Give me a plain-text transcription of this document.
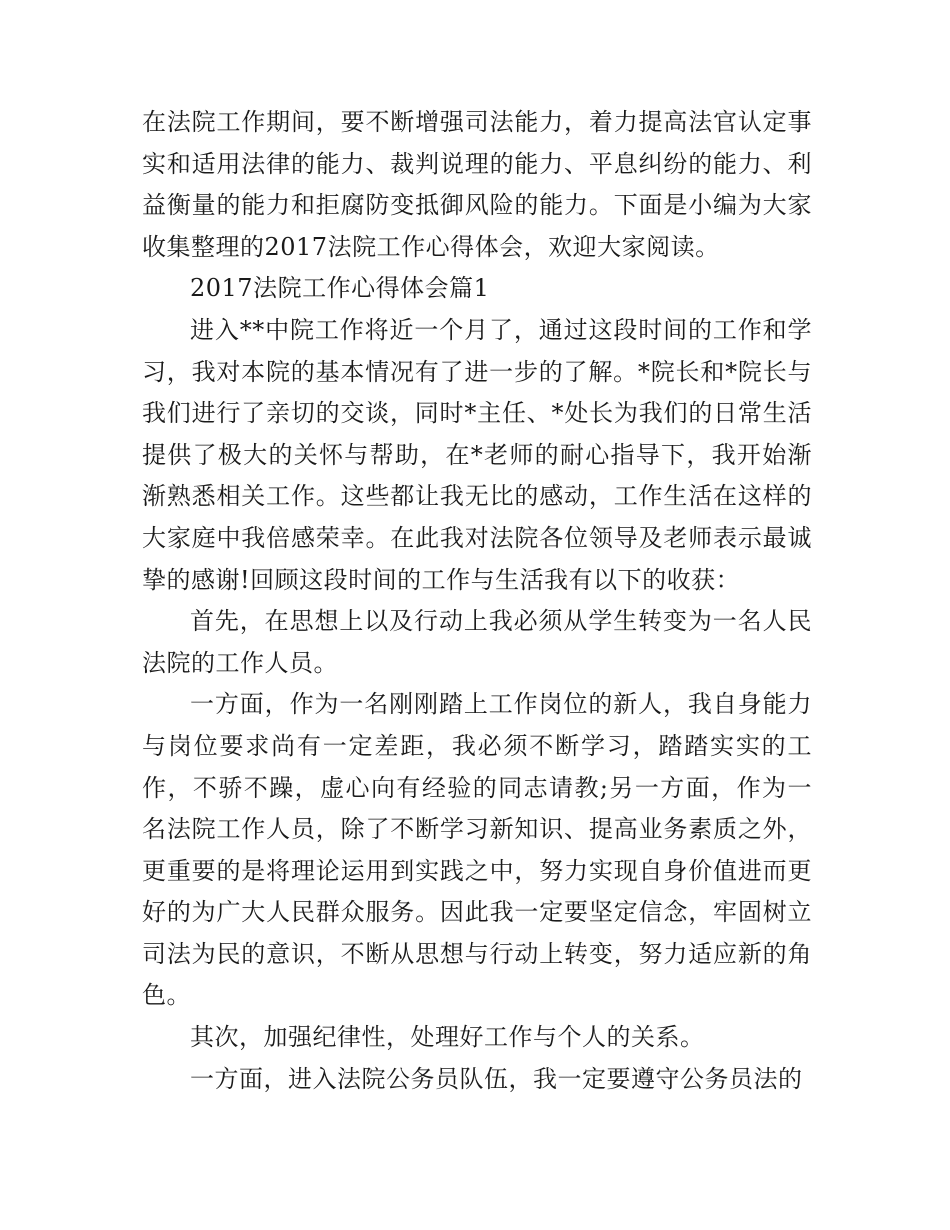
在法院工作期间，要不断增强司法能力，着力提高法官认定事实和适用法律的能力、裁判说理的能力、平息纠纷的能力、利益衡量的能力和拒腐防变抵御风险的能力。下面是小编为大家收集整理的2017法院工作心得体会，欢迎大家阅读。

2017法院工作心得体会篇1

进入**中院工作将近一个月了，通过这段时间的工作和学习，我对本院的基本情况有了进一步的了解。*院长和*院长与我们进行了亲切的交谈，同时*主任、*处长为我们的日常生活提供了极大的关怀与帮助，在*老师的耐心指导下，我开始渐渐熟悉相关工作。这些都让我无比的感动，工作生活在这样的大家庭中我倍感荣幸。在此我对法院各位领导及老师表示最诚挚的感谢!回顾这段时间的工作与生活我有以下的收获：

首先，在思想上以及行动上我必须从学生转变为一名人民法院的工作人员。

一方面，作为一名刚刚踏上工作岗位的新人，我自身能力与岗位要求尚有一定差距，我必须不断学习，踏踏实实的工作，不骄不躁，虚心向有经验的同志请教;另一方面，作为一名法院工作人员，除了不断学习新知识、提高业务素质之外，更重要的是将理论运用到实践之中，努力实现自身价值进而更好的为广大人民群众服务。因此我一定要坚定信念，牢固树立司法为民的意识，不断从思想与行动上转变，努力适应新的角色。

其次，加强纪律性，处理好工作与个人的关系。

一方面，进入法院公务员队伍，我一定要遵守公务员法的
